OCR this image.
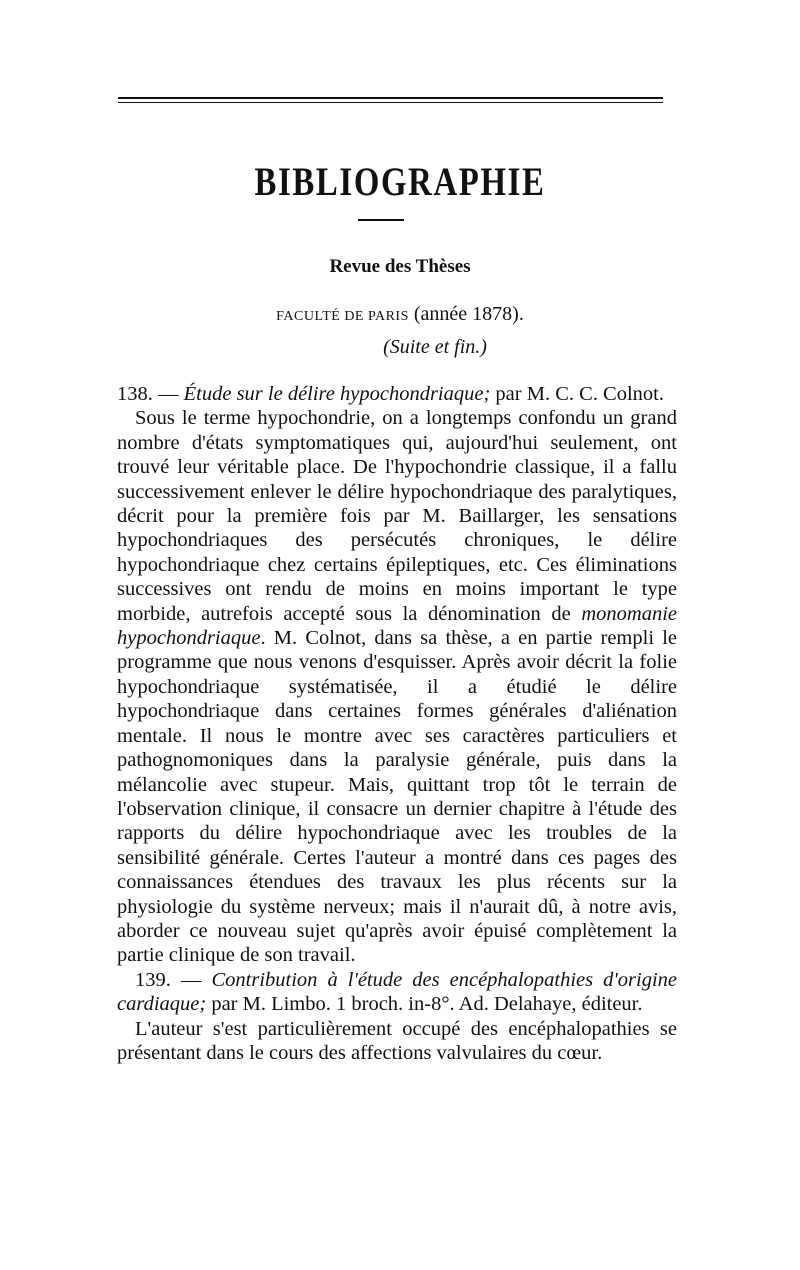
BIBLIOGRAPHIE
Revue des Thèses
FACULTÉ DE PARIS (année 1878).
(Suite et fin.)

138. — Étude sur le délire hypochondriaque; par M. C. C. Colnot.

Sous le terme hypochondrie, on a longtemps confondu un grand nombre d'états symptomatiques qui, aujourd'hui seulement, ont trouvé leur véritable place. De l'hypochondrie classique, il a fallu successivement enlever le délire hypochondriaque des paralytiques, décrit pour la première fois par M. Baillarger, les sensations hypochondriaques des persécutés chroniques, le délire hypochondriaque chez certains épileptiques, etc. Ces éliminations successives ont rendu de moins en moins important le type morbide, autrefois accepté sous la dénomination de monomanie hypochondriaque. M. Colnot, dans sa thèse, a en partie rempli le programme que nous venons d'esquisser. Après avoir décrit la folie hypochondriaque systématisée, il a étudié le délire hypochondriaque dans certaines formes générales d'aliénation mentale. Il nous le montre avec ses caractères particuliers et pathognomoniques dans la paralysie générale, puis dans la mélancolie avec stupeur. Mais, quittant trop tôt le terrain de l'observation clinique, il consacre un dernier chapitre à l'étude des rapports du délire hypochondriaque avec les troubles de la sensibilité générale. Certes l'auteur a montré dans ces pages des connaissances étendues des travaux les plus récents sur la physiologie du système nerveux; mais il n'aurait dû, à notre avis, aborder ce nouveau sujet qu'après avoir épuisé complètement la partie clinique de son travail.

139. — Contribution à l'étude des encéphalopathies d'origine cardiaque; par M. Limbo. 1 broch. in-8°. Ad. Delahaye, éditeur.

L'auteur s'est particulièrement occupé des encéphalopathies se présentant dans le cours des affections valvulaires du cœur.
